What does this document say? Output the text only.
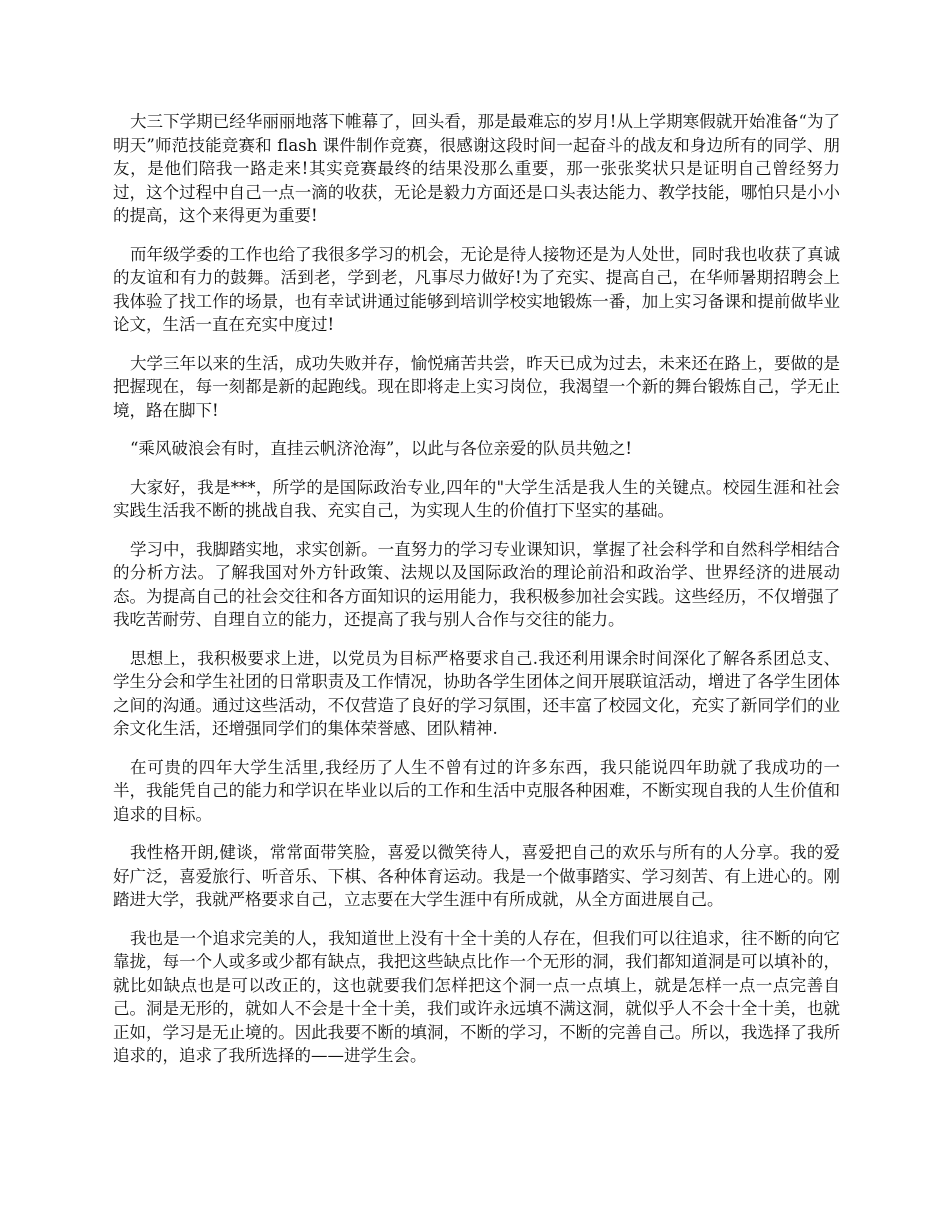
大三下学期已经华丽丽地落下帷幕了，回头看，那是最难忘的岁月!从上学期寒假就开始准备“为了明天”师范技能竞赛和 flash 课件制作竞赛，很感谢这段时间一起奋斗的战友和身边所有的同学、朋友，是他们陪我一路走来!其实竞赛最终的结果没那么重要，那一张张奖状只是证明自己曾经努力过，这个过程中自己一点一滴的收获，无论是毅力方面还是口头表达能力、教学技能，哪怕只是小小的提高，这个来得更为重要!

而年级学委的工作也给了我很多学习的机会，无论是待人接物还是为人处世，同时我也收获了真诚的友谊和有力的鼓舞。活到老，学到老，凡事尽力做好!为了充实、提高自己，在华师暑期招聘会上我体验了找工作的场景，也有幸试讲通过能够到培训学校实地锻炼一番，加上实习备课和提前做毕业论文，生活一直在充实中度过!

大学三年以来的生活，成功失败并存，愉悦痛苦共尝，昨天已成为过去，未来还在路上，要做的是把握现在，每一刻都是新的起跑线。现在即将走上实习岗位，我渴望一个新的舞台锻炼自己，学无止境，路在脚下!

“乘风破浪会有时，直挂云帆济沧海”，以此与各位亲爱的队员共勉之!

大家好，我是***，所学的是国际政治专业,四年的"大学生活是我人生的关键点。校园生涯和社会实践生活我不断的挑战自我、充实自己，为实现人生的价值打下坚实的基础。

学习中，我脚踏实地，求实创新。一直努力的学习专业课知识，掌握了社会科学和自然科学相结合的分析方法。了解我国对外方针政策、法规以及国际政治的理论前沿和政治学、世界经济的进展动态。为提高自己的社会交往和各方面知识的运用能力，我积极参加社会实践。这些经历，不仅增强了我吃苦耐劳、自理自立的能力，还提高了我与别人合作与交往的能力。

思想上，我积极要求上进，以党员为目标严格要求自己.我还利用课余时间深化了解各系团总支、学生分会和学生社团的日常职责及工作情况，协助各学生团体之间开展联谊活动，增进了各学生团体之间的沟通。通过这些活动，不仅营造了良好的学习氛围，还丰富了校园文化，充实了新同学们的业余文化生活，还增强同学们的集体荣誉感、团队精神.

在可贵的四年大学生活里,我经历了人生不曾有过的许多东西，我只能说四年助就了我成功的一半，我能凭自己的能力和学识在毕业以后的工作和生活中克服各种困难，不断实现自我的人生价值和追求的目标。

我性格开朗,健谈，常常面带笑脸，喜爱以微笑待人，喜爱把自己的欢乐与所有的人分享。我的爱好广泛，喜爱旅行、听音乐、下棋、各种体育运动。我是一个做事踏实、学习刻苦、有上进心的。刚踏进大学，我就严格要求自己，立志要在大学生涯中有所成就，从全方面进展自己。

我也是一个追求完美的人，我知道世上没有十全十美的人存在，但我们可以往追求，往不断的向它靠拢，每一个人或多或少都有缺点，我把这些缺点比作一个无形的洞，我们都知道洞是可以填补的，就比如缺点也是可以改正的，这也就要我们怎样把这个洞一点一点填上，就是怎样一点一点完善自己。洞是无形的，就如人不会是十全十美，我们或许永远填不满这洞，就似乎人不会十全十美，也就正如，学习是无止境的。因此我要不断的填洞，不断的学习，不断的完善自己。所以，我选择了我所追求的，追求了我所选择的——进学生会。
